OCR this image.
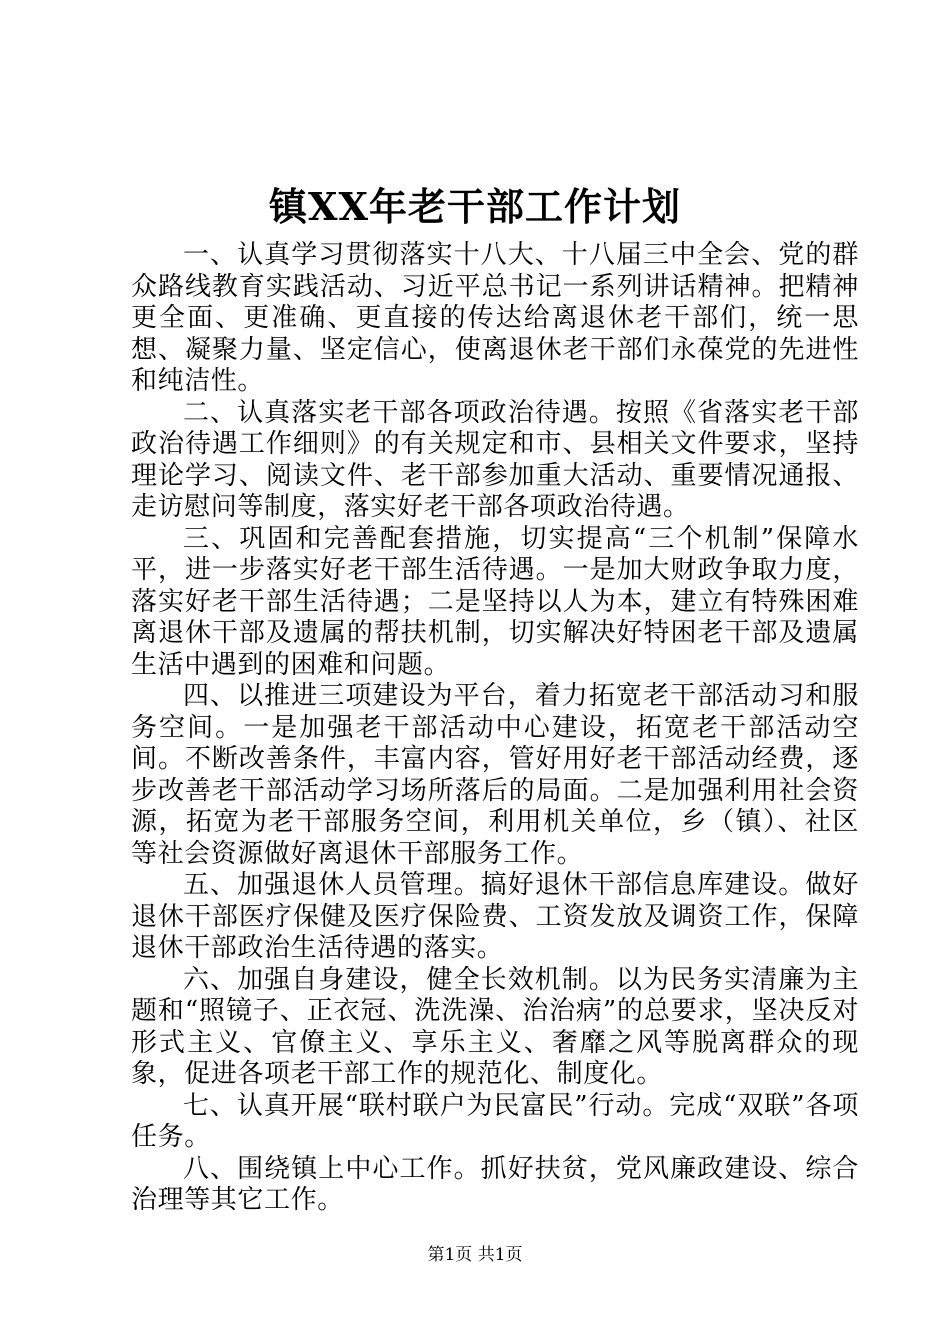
镇XX年老干部工作计划

一、认真学习贯彻落实十八大、十八届三中全会、党的群众路线教育实践活动、习近平总书记一系列讲话精神。把精神更全面、更准确、更直接的传达给离退休老干部们，统一思想、凝聚力量、坚定信心，使离退休老干部们永葆党的先进性和纯洁性。

二、认真落实老干部各项政治待遇。按照《省落实老干部政治待遇工作细则》的有关规定和市、县相关文件要求，坚持理论学习、阅读文件、老干部参加重大活动、重要情况通报、走访慰问等制度，落实好老干部各项政治待遇。

三、巩固和完善配套措施，切实提高“三个机制”保障水平，进一步落实好老干部生活待遇。一是加大财政争取力度，落实好老干部生活待遇；二是坚持以人为本，建立有特殊困难离退休干部及遗属的帮扶机制，切实解决好特困老干部及遗属生活中遇到的困难和问题。

四、以推进三项建设为平台，着力拓宽老干部活动习和服务空间。一是加强老干部活动中心建设，拓宽老干部活动空间。不断改善条件，丰富内容，管好用好老干部活动经费，逐步改善老干部活动学习场所落后的局面。二是加强利用社会资源，拓宽为老干部服务空间，利用机关单位，乡（镇）、社区等社会资源做好离退休干部服务工作。

五、加强退休人员管理。搞好退休干部信息库建设。做好退休干部医疗保健及医疗保险费、工资发放及调资工作，保障退休干部政治生活待遇的落实。

六、加强自身建设，健全长效机制。以为民务实清廉为主题和“照镜子、正衣冠、洗洗澡、治治病”的总要求，坚决反对形式主义、官僚主义、享乐主义、奢靡之风等脱离群众的现象，促进各项老干部工作的规范化、制度化。

七、认真开展“联村联户为民富民”行动。完成“双联”各项任务。

八、围绕镇上中心工作。抓好扶贫，党风廉政建设、综合治理等其它工作。

第1页 共1页
